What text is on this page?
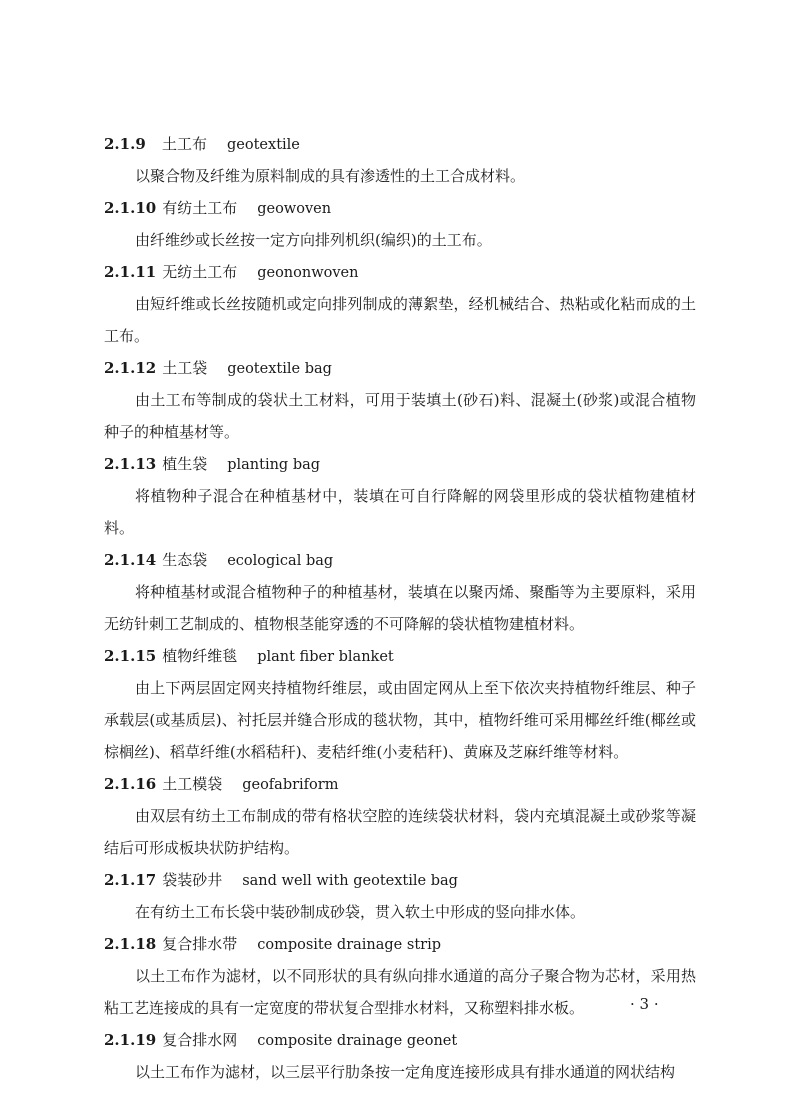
2.1.9 土工布 geotextile

以聚合物及纤维为原料制成的具有渗透性的土工合成材料。

2.1.10 有纺土工布 geowoven

由纤维纱或长丝按一定方向排列机织(编织)的土工布。

2.1.11 无纺土工布 geononwoven

由短纤维或长丝按随机或定向排列制成的薄絮垫，经机械结合、热粘或化粘而成的土工布。

2.1.12 土工袋 geotextile bag

由土工布等制成的袋状土工材料，可用于装填土(砂石)料、混凝土(砂浆)或混合植物种子的种植基材等。

2.1.13 植生袋 planting bag

将植物种子混合在种植基材中，装填在可自行降解的网袋里形成的袋状植物建植材料。

2.1.14 生态袋 ecological bag

将种植基材或混合植物种子的种植基材，装填在以聚丙烯、聚酯等为主要原料，采用无纺针刺工艺制成的、植物根茎能穿透的不可降解的袋状植物建植材料。

2.1.15 植物纤维毯 plant fiber blanket

由上下两层固定网夹持植物纤维层，或由固定网从上至下依次夹持植物纤维层、种子承载层(或基质层)、衬托层并缝合形成的毯状物，其中，植物纤维可采用椰丝纤维(椰丝或棕榈丝)、稻草纤维(水稻秸秆)、麦秸纤维(小麦秸秆)、黄麻及芝麻纤维等材料。

2.1.16 土工模袋 geofabriform

由双层有纺土工布制成的带有格状空腔的连续袋状材料，袋内充填混凝土或砂浆等凝结后可形成板块状防护结构。

2.1.17 袋装砂井 sand well with geotextile bag

在有纺土工布长袋中装砂制成砂袋，贯入软土中形成的竖向排水体。

2.1.18 复合排水带 composite drainage strip

以土工布作为滤材，以不同形状的具有纵向排水通道的高分子聚合物为芯材，采用热粘工艺连接成的具有一定宽度的带状复合型排水材料，又称塑料排水板。

2.1.19 复合排水网 composite drainage geonet

以土工布作为滤材，以三层平行肋条按一定角度连接形成具有排水通道的网状结构

· 3 ·
